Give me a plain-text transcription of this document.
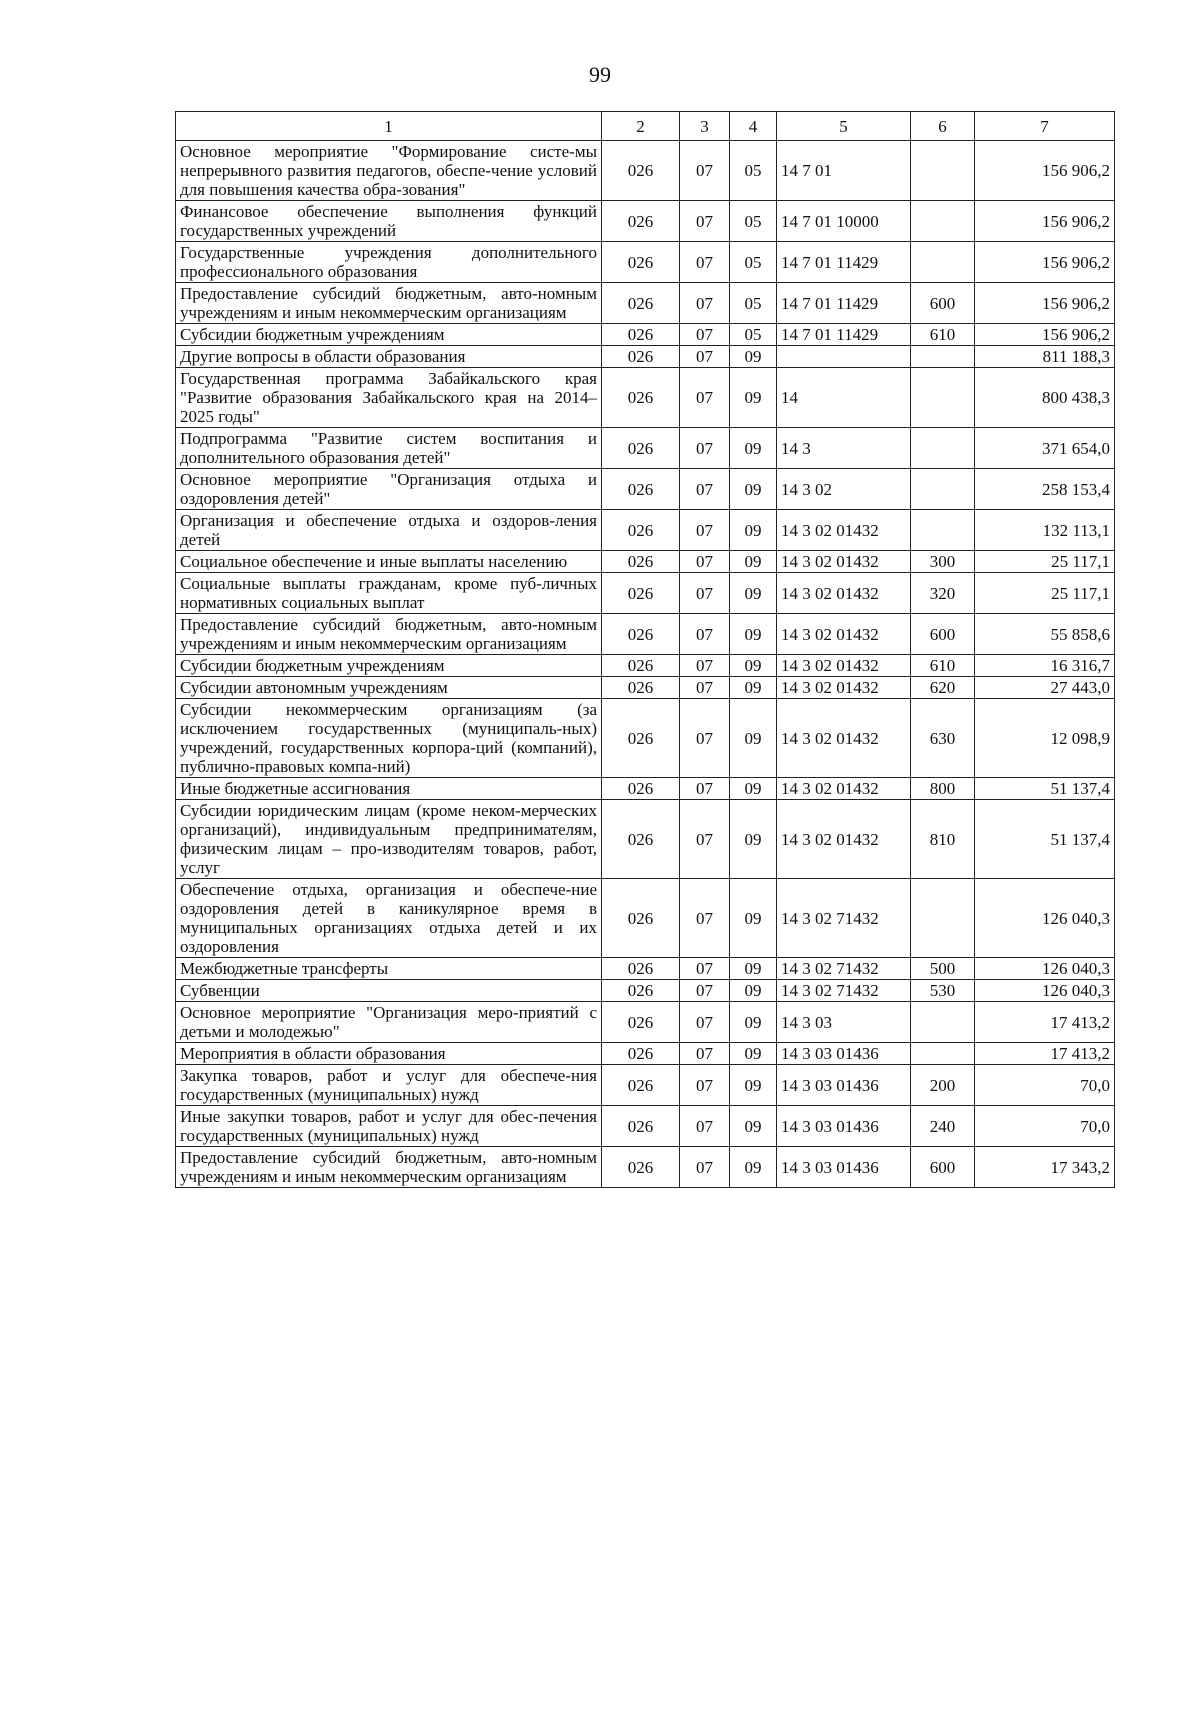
99
1	2	3	4	5	6	7
Основное мероприятие "Формирование систе-мы непрерывного развития педагогов, обеспе-чение условий для повышения качества обра-зования"	026	07	05	14 7 01		156 906,2
Финансовое обеспечение выполнения функций государственных учреждений	026	07	05	14 7 01 10000		156 906,2
Государственные учреждения дополнительного профессионального образования	026	07	05	14 7 01 11429		156 906,2
Предоставление субсидий бюджетным, авто-номным учреждениям и иным некоммерческим организациям	026	07	05	14 7 01 11429	600	156 906,2
Субсидии бюджетным учреждениям	026	07	05	14 7 01 11429	610	156 906,2
Другие вопросы в области образования	026	07	09			811 188,3
Государственная программа Забайкальского края "Развитие образования Забайкальского края на 2014–2025 годы"	026	07	09	14		800 438,3
Подпрограмма "Развитие систем воспитания и дополнительного образования детей"	026	07	09	14 3		371 654,0
Основное мероприятие "Организация отдыха и оздоровления детей"	026	07	09	14 3 02		258 153,4
Организация и обеспечение отдыха и оздоров-ления детей	026	07	09	14 3 02 01432		132 113,1
Социальное обеспечение и иные выплаты населению	026	07	09	14 3 02 01432	300	25 117,1
Социальные выплаты гражданам, кроме пуб-личных нормативных социальных выплат	026	07	09	14 3 02 01432	320	25 117,1
Предоставление субсидий бюджетным, авто-номным учреждениям и иным некоммерческим организациям	026	07	09	14 3 02 01432	600	55 858,6
Субсидии бюджетным учреждениям	026	07	09	14 3 02 01432	610	16 316,7
Субсидии автономным учреждениям	026	07	09	14 3 02 01432	620	27 443,0
Субсидии некоммерческим организациям (за исключением государственных (муниципаль-ных) учреждений, государственных корпора-ций (компаний), публично-правовых компа-ний)	026	07	09	14 3 02 01432	630	12 098,9
Иные бюджетные ассигнования	026	07	09	14 3 02 01432	800	51 137,4
Субсидии юридическим лицам (кроме неком-мерческих организаций), индивидуальным предпринимателям, физическим лицам – про-изводителям товаров, работ, услуг	026	07	09	14 3 02 01432	810	51 137,4
Обеспечение отдыха, организация и обеспече-ние оздоровления детей в каникулярное время в муниципальных организациях отдыха детей и их оздоровления	026	07	09	14 3 02 71432		126 040,3
Межбюджетные трансферты	026	07	09	14 3 02 71432	500	126 040,3
Субвенции	026	07	09	14 3 02 71432	530	126 040,3
Основное мероприятие "Организация меро-приятий с детьми и молодежью"	026	07	09	14 3 03		17 413,2
Мероприятия в области образования	026	07	09	14 3 03 01436		17 413,2
Закупка товаров, работ и услуг для обеспече-ния государственных (муниципальных) нужд	026	07	09	14 3 03 01436	200	70,0
Иные закупки товаров, работ и услуг для обес-печения государственных (муниципальных) нужд	026	07	09	14 3 03 01436	240	70,0
Предоставление субсидий бюджетным, авто-номным учреждениям и иным некоммерческим организациям	026	07	09	14 3 03 01436	600	17 343,2
